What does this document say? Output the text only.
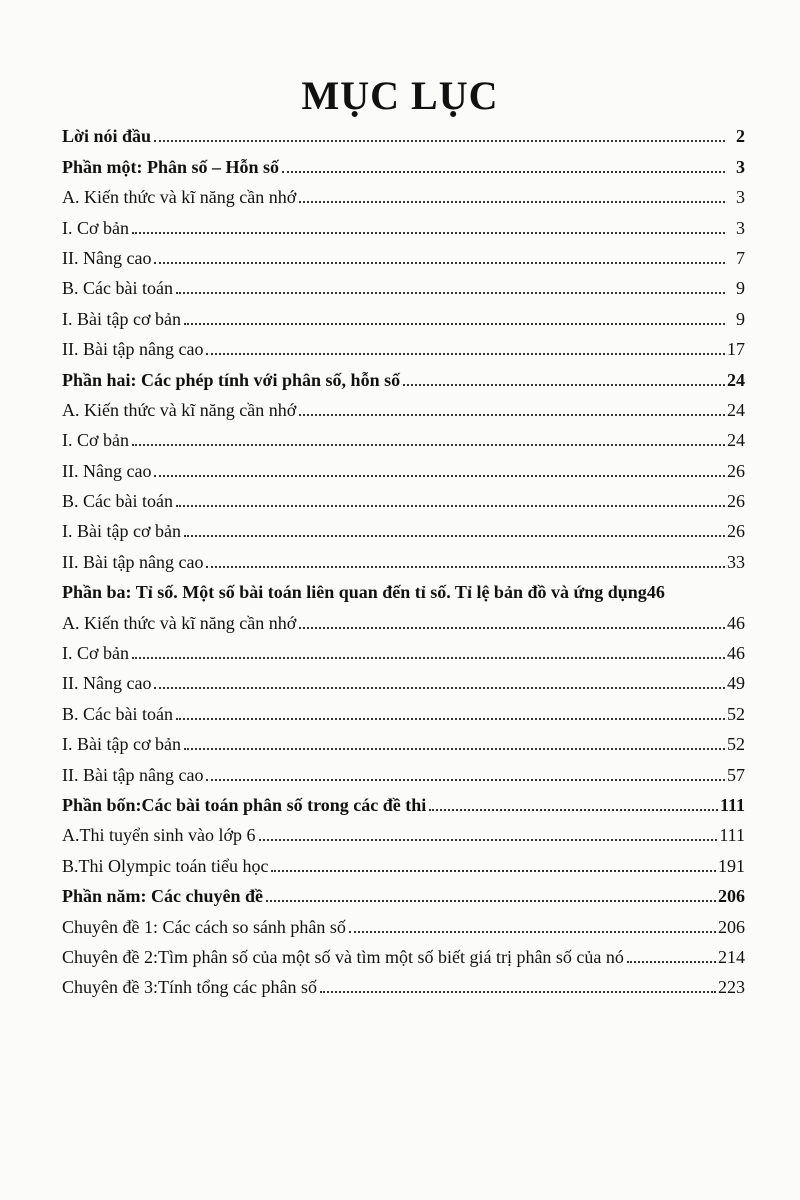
MỤC LỤC
Lời nói đầu	2
Phần một: Phân số – Hỗn số	3
A. Kiến thức và kĩ năng cần nhớ	3
I. Cơ bản	3
II. Nâng cao	7
B. Các bài toán	9
I. Bài tập cơ bản	9
II. Bài tập nâng cao	17
Phần hai: Các phép tính với phân số, hỗn số	24
A. Kiến thức và kĩ năng cần nhớ	24
I. Cơ bản	24
II. Nâng cao	26
B. Các bài toán	26
I. Bài tập cơ bản	26
II. Bài tập nâng cao	33
Phần ba: Tỉ số. Một số bài toán liên quan đến tỉ số. Tỉ lệ bản đồ và ứng dụng 46
A. Kiến thức và kĩ năng cần nhớ	46
I. Cơ bản	46
II. Nâng cao	49
B. Các bài toán	52
I. Bài tập cơ bản	52
II. Bài tập nâng cao	57
Phần bốn:Các bài toán phân số trong các đề thi	111
A.Thi tuyển sinh vào lớp 6	111
B.Thi Olympic toán tiểu học	191
Phần năm: Các chuyên đề	206
Chuyên đề 1: Các cách so sánh phân số	206
Chuyên đề 2:Tìm phân số của một số và tìm một số biết giá trị phân số của nó	214
Chuyên đề 3:Tính tổng các phân số	223
